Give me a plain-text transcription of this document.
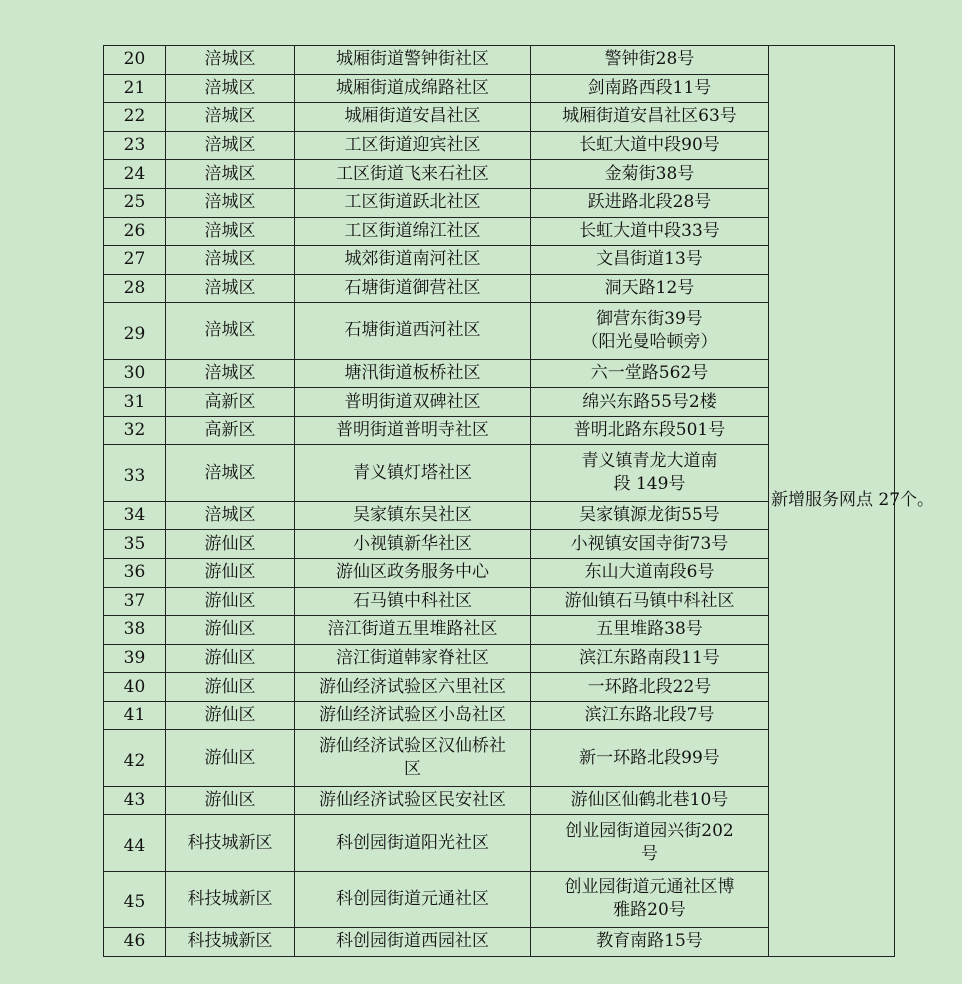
20	涪城区	城厢街道警钟街社区	警钟街28号	新增服务网点 27个。
21	涪城区	城厢街道成绵路社区	剑南路西段11号	

22	涪城区	城厢街道安昌社区	城厢街道安昌社区63号	

23	涪城区	工区街道迎宾社区	长虹大道中段90号	

24	涪城区	工区街道飞来石社区	金菊街38号	

25	涪城区	工区街道跃北社区	跃进路北段28号	

26	涪城区	工区街道绵江社区	长虹大道中段33号	

27	涪城区	城郊街道南河社区	文昌街道13号	

28	涪城区	石塘街道御营社区	洞天路12号	

29	涪城区	石塘街道西河社区	御营东街39号
（阳光曼哈顿旁）	

30	涪城区	塘汛街道板桥社区	六一堂路562号	

31	高新区	普明街道双碑社区	绵兴东路55号2楼	

32	高新区	普明街道普明寺社区	普明北路东段501号	

33	涪城区	青义镇灯塔社区	青义镇青龙大道南
段 149号	

34	涪城区	吴家镇东吴社区	吴家镇源龙街55号	

35	游仙区	小视镇新华社区	小视镇安国寺街73号	

36	游仙区	游仙区政务服务中心	东山大道南段6号	

37	游仙区	石马镇中科社区	游仙镇石马镇中科社区	

38	游仙区	涪江街道五里堆路社区	五里堆路38号	

39	游仙区	涪江街道韩家脊社区	滨江东路南段11号	

40	游仙区	游仙经济试验区六里社区	一环路北段22号	

41	游仙区	游仙经济试验区小岛社区	滨江东路北段7号	

42	游仙区	游仙经济试验区汉仙桥社
区	新一环路北段99号	

43	游仙区	游仙经济试验区民安社区	游仙区仙鹤北巷10号	

44	科技城新区	科创园街道阳光社区	创业园街道园兴街202
号	

45	科技城新区	科创园街道元通社区	创业园街道元通社区博
雅路20号	

46	科技城新区	科创园街道西园社区	教育南路15号	
